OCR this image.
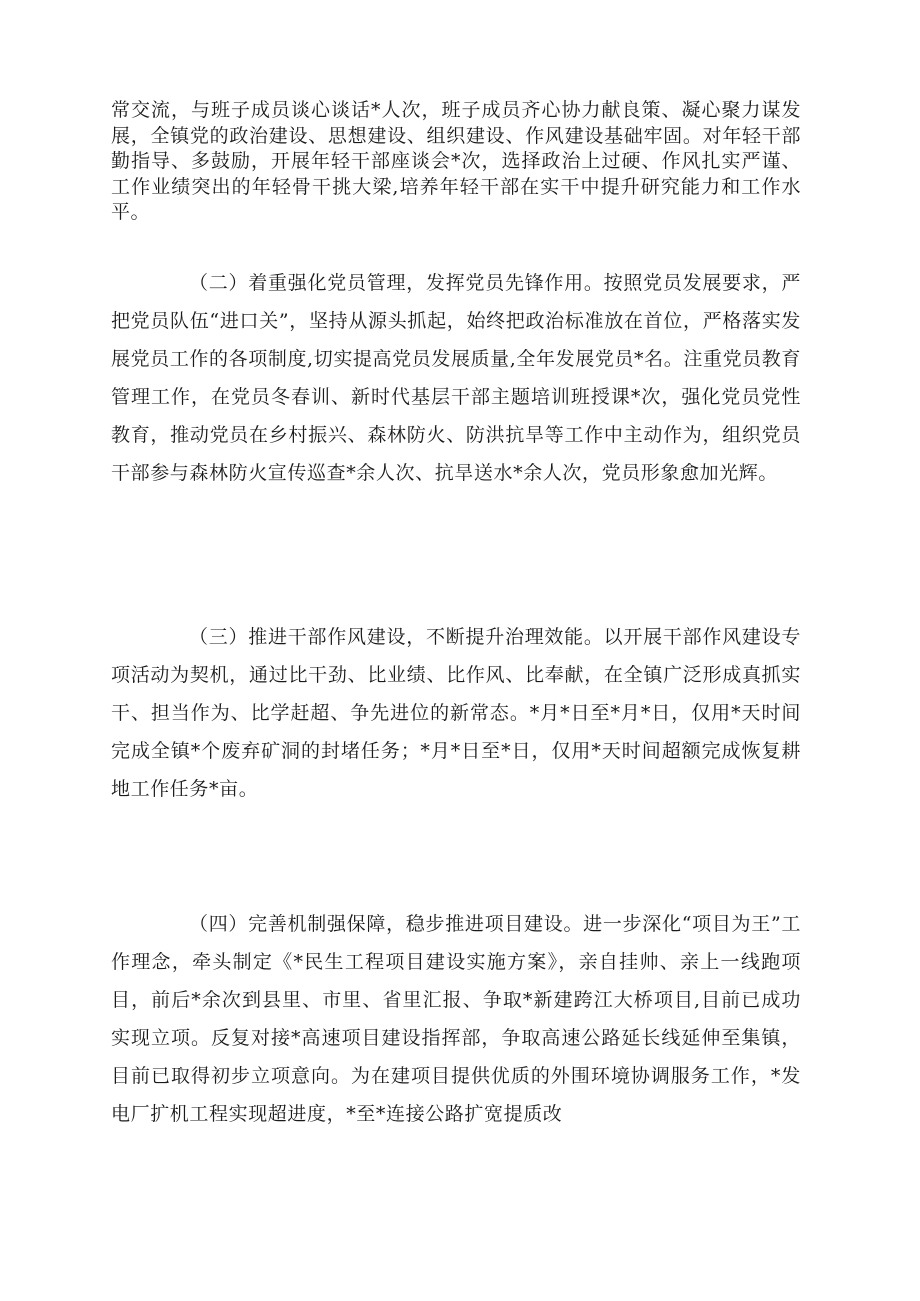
常交流，与班子成员谈心谈话*人次，班子成员齐心协力献良策、凝心聚力谋发展，全镇党的政治建设、思想建设、组织建设、作风建设基础牢固。对年轻干部勤指导、多鼓励，开展年轻干部座谈会*次，选择政治上过硬、作风扎实严谨、工作业绩突出的年轻骨干挑大梁,培养年轻干部在实干中提升研究能力和工作水平。

（二）着重强化党员管理，发挥党员先锋作用。按照党员发展要求，严把党员队伍“进口关”，坚持从源头抓起，始终把政治标准放在首位，严格落实发展党员工作的各项制度,切实提高党员发展质量,全年发展党员*名。注重党员教育管理工作，在党员冬春训、新时代基层干部主题培训班授课*次，强化党员党性教育，推动党员在乡村振兴、森林防火、防洪抗旱等工作中主动作为，组织党员干部参与森林防火宣传巡查*余人次、抗旱送水*余人次，党员形象愈加光辉。

（三）推进干部作风建设，不断提升治理效能。以开展干部作风建设专项活动为契机，通过比干劲、比业绩、比作风、比奉献，在全镇广泛形成真抓实干、担当作为、比学赶超、争先进位的新常态。*月*日至*月*日，仅用*天时间完成全镇*个废弃矿洞的封堵任务；*月*日至*日，仅用*天时间超额完成恢复耕地工作任务*亩。

（四）完善机制强保障，稳步推进项目建设。进一步深化“项目为王”工作理念，牵头制定《*民生工程项目建设实施方案》，亲自挂帅、亲上一线跑项目，前后*余次到县里、市里、省里汇报、争取*新建跨江大桥项目,目前已成功实现立项。反复对接*高速项目建设指挥部，争取高速公路延长线延伸至集镇，目前已取得初步立项意向。为在建项目提供优质的外围环境协调服务工作，*发电厂扩机工程实现超进度，*至*连接公路扩宽提质改
